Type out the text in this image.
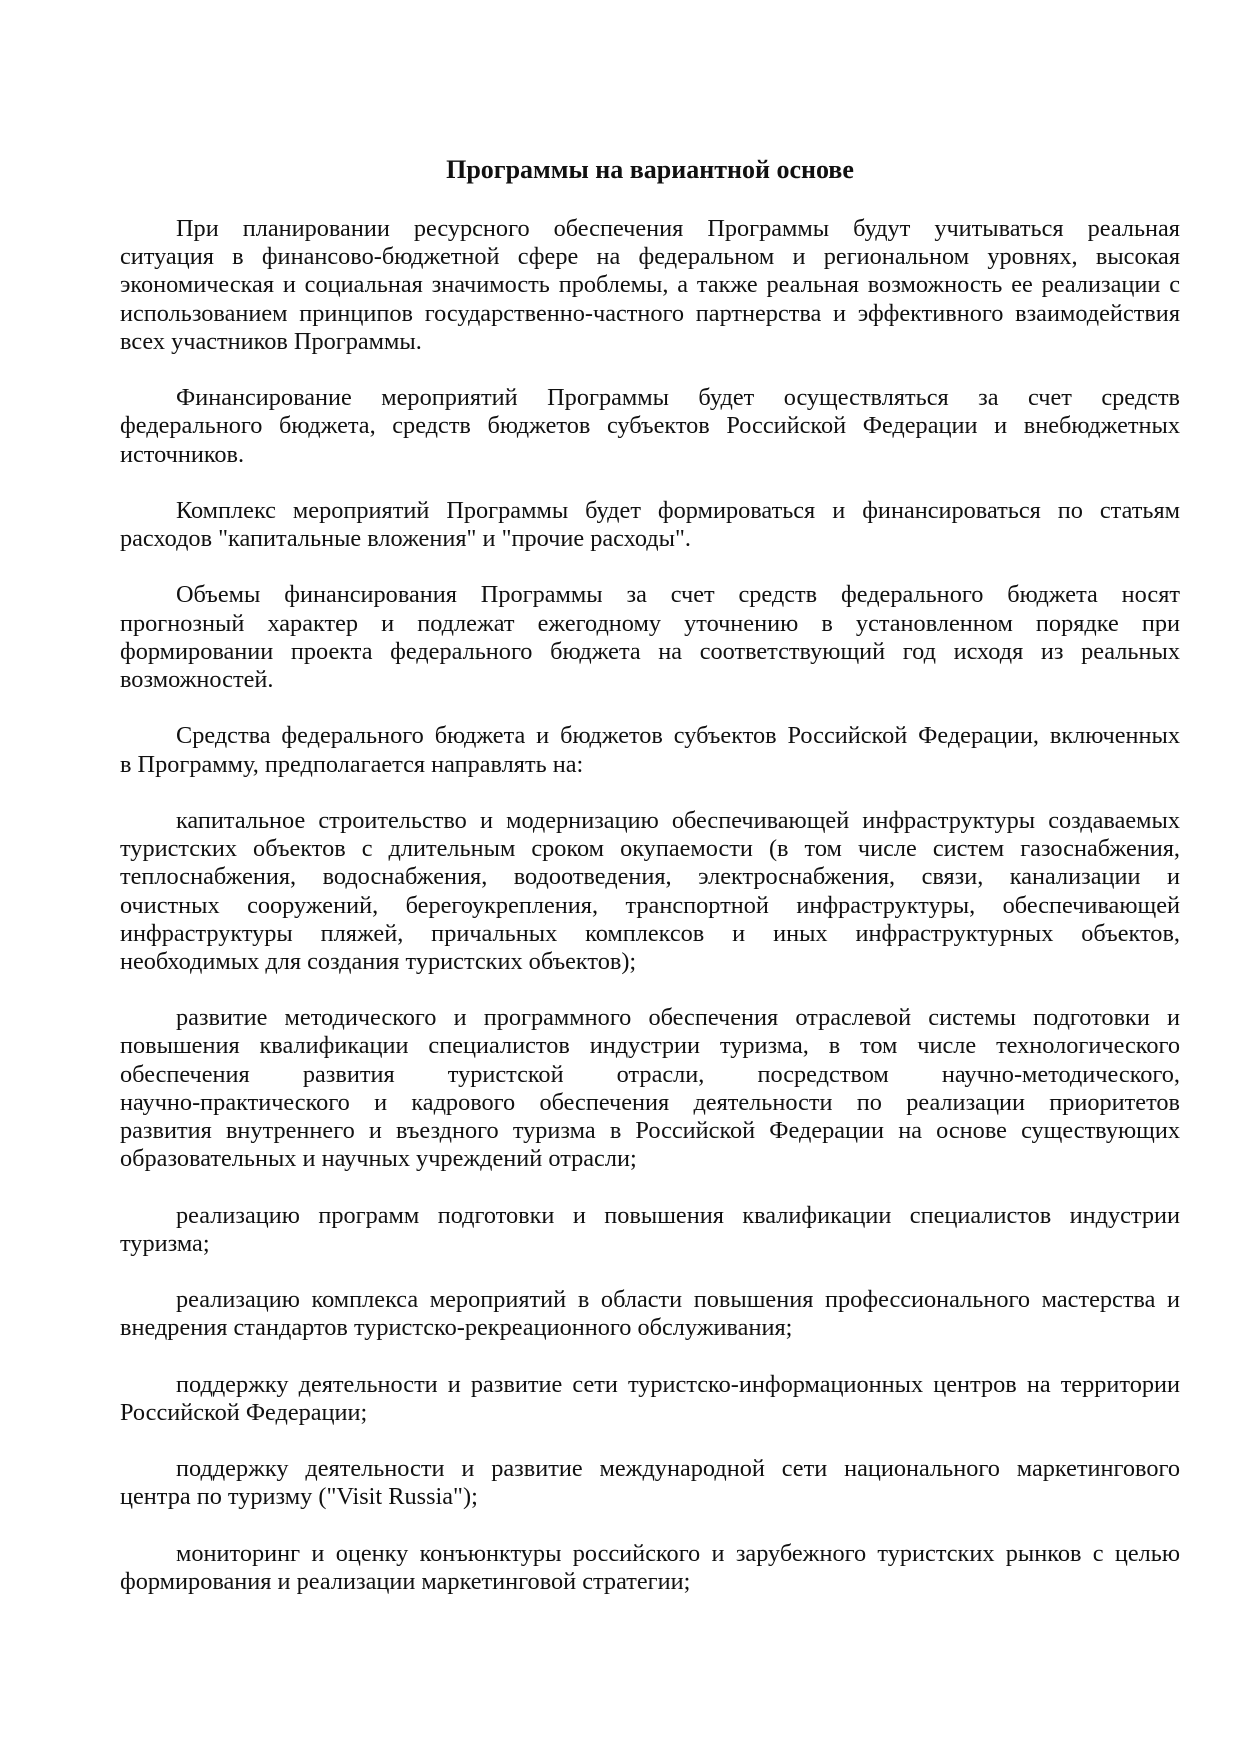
Программы на вариантной основе
При планировании ресурсного обеспечения Программы будут учитываться реальная
ситуация в финансово-бюджетной сфере на федеральном и региональном уровнях, высокая
экономическая и социальная значимость проблемы, а также реальная возможность ее реализации с
использованием принципов государственно-частного партнерства и эффективного взаимодействия
всех участников Программы.
Финансирование мероприятий Программы будет осуществляться за счет средств
федерального бюджета, средств бюджетов субъектов Российской Федерации и внебюджетных
источников.
Комплекс мероприятий Программы будет формироваться и финансироваться по статьям
расходов "капитальные вложения" и "прочие расходы".
Объемы финансирования Программы за счет средств федерального бюджета носят
прогнозный характер и подлежат ежегодному уточнению в установленном порядке при
формировании проекта федерального бюджета на соответствующий год исходя из реальных
возможностей.
Средства федерального бюджета и бюджетов субъектов Российской Федерации, включенных
в Программу, предполагается направлять на:
капитальное строительство и модернизацию обеспечивающей инфраструктуры создаваемых
туристских объектов с длительным сроком окупаемости (в том числе систем газоснабжения,
теплоснабжения, водоснабжения, водоотведения, электроснабжения, связи, канализации и
очистных сооружений, берегоукрепления, транспортной инфраструктуры, обеспечивающей
инфраструктуры пляжей, причальных комплексов и иных инфраструктурных объектов,
необходимых для создания туристских объектов);
развитие методического и программного обеспечения отраслевой системы подготовки и
повышения квалификации специалистов индустрии туризма, в том числе технологического
обеспечения развития туристской отрасли, посредством научно-методического,
научно-практического и кадрового обеспечения деятельности по реализации приоритетов
развития внутреннего и въездного туризма в Российской Федерации на основе существующих
образовательных и научных учреждений отрасли;
реализацию программ подготовки и повышения квалификации специалистов индустрии
туризма;
реализацию комплекса мероприятий в области повышения профессионального мастерства и
внедрения стандартов туристско-рекреационного обслуживания;
поддержку деятельности и развитие сети туристско-информационных центров на территории
Российской Федерации;
поддержку деятельности и развитие международной сети национального маркетингового
центра по туризму ("Visit Russia");
мониторинг и оценку конъюнктуры российского и зарубежного туристских рынков с целью
формирования и реализации маркетинговой стратегии;
